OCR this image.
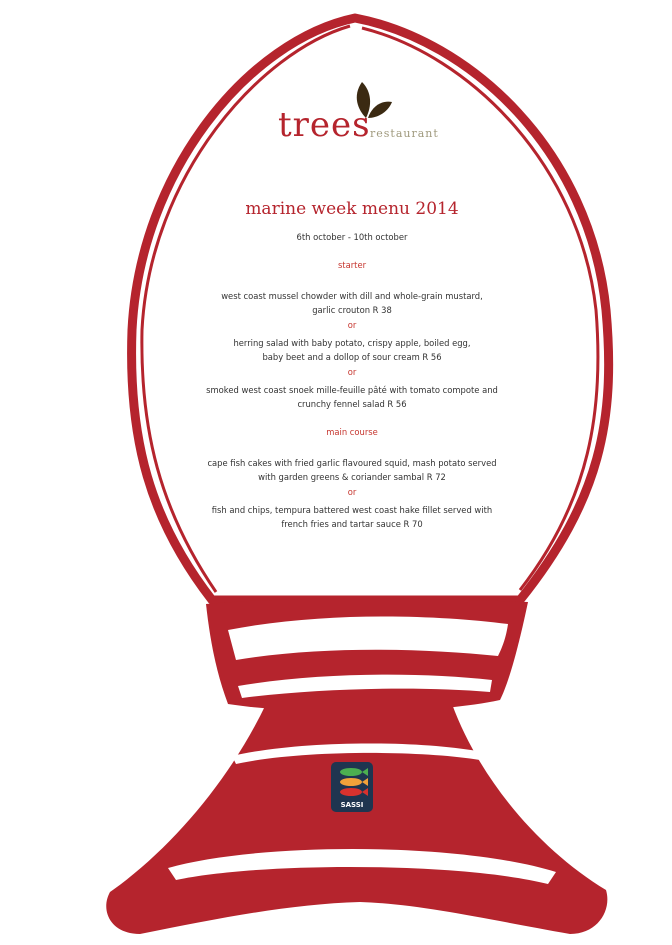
trees restaurant
marine week menu 2014
6th october - 10th october
starter
west coast mussel chowder with dill and whole-grain mustard,
garlic crouton R 38
or
herring salad with baby potato, crispy apple, boiled egg,
baby beet and a dollop of sour cream R 56
or
smoked west coast snoek mille-feuille pâté with tomato compote and
crunchy fennel salad R 56
main course
cape fish cakes with fried garlic flavoured squid, mash potato served
with garden greens & coriander sambal R 72
or
fish and chips, tempura battered west coast hake fillet served with
french fries and tartar sauce R 70
SASSI
